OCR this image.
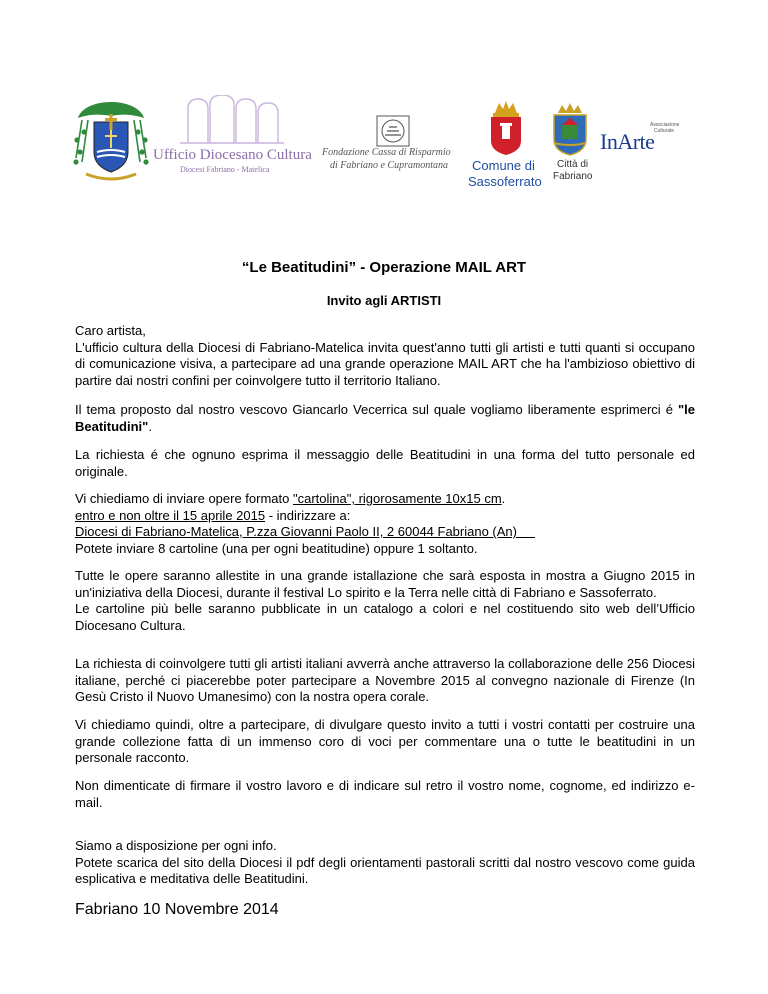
Ufficio Diocesano Cultura
Diocesi Fabriano - Matelica
Fondazione Cassa di Risparmio
di Fabriano e Cupramontana Comune di
Sassoferrato
Città di
Fabriano
Associazione
Culturale
InArte
“Le Beatitudini” - Operazione MAIL ART
Invito agli ARTISTI

Caro artista,

L'ufficio cultura della Diocesi di Fabriano-Matelica invita quest'anno tutti gli artisti e tutti quanti si occupano di comunicazione visiva, a partecipare ad una grande operazione MAIL ART che ha l'ambizioso obiettivo di partire dai nostri confini per coinvolgere tutto il territorio Italiano.

Il tema proposto dal nostro vescovo Giancarlo Vecerrica sul quale vogliamo liberamente esprimerci é "le Beatitudini".

La richiesta é che ognuno esprima il messaggio delle Beatitudini in una forma del tutto personale ed originale.

Vi chiediamo di inviare opere formato "cartolina", rigorosamente 10x15 cm.

entro e non oltre il 15 aprile 2015 - indirizzare a:

Diocesi di Fabriano-Matelica, P.zza Giovanni Paolo II, 2 60044 Fabriano (An)

Potete inviare 8 cartoline (una per ogni beatitudine) oppure 1 soltanto.

Tutte le opere saranno allestite in una grande istallazione che sarà esposta in mostra a Giugno 2015 in un'iniziativa della Diocesi, durante il festival Lo spirito e la Terra nelle città di Fabriano e Sassoferrato.

Le cartoline più belle saranno pubblicate in un catalogo a colori e nel costituendo sito web dell’Ufficio Diocesano Cultura.

La richiesta di coinvolgere tutti gli artisti italiani avverrà anche attraverso la collaborazione delle 256 Diocesi italiane, perché ci piacerebbe poter partecipare a Novembre 2015 al convegno nazionale di Firenze (In Gesù Cristo il Nuovo Umanesimo) con la nostra opera corale.

Vi chiediamo quindi, oltre a partecipare, di divulgare questo invito a tutti i vostri contatti per costruire una grande collezione fatta di un immenso coro di voci per commentare una o tutte le beatitudini in un personale racconto.

Non dimenticate di firmare il vostro lavoro e di indicare sul retro il vostro nome, cognome, ed indirizzo e-mail.

Siamo a disposizione per ogni info.

Potete scarica del sito della Diocesi il pdf degli orientamenti pastorali scritti dal nostro vescovo come guida esplicativa e meditativa delle Beatitudini.

Fabriano 10 Novembre 2014
